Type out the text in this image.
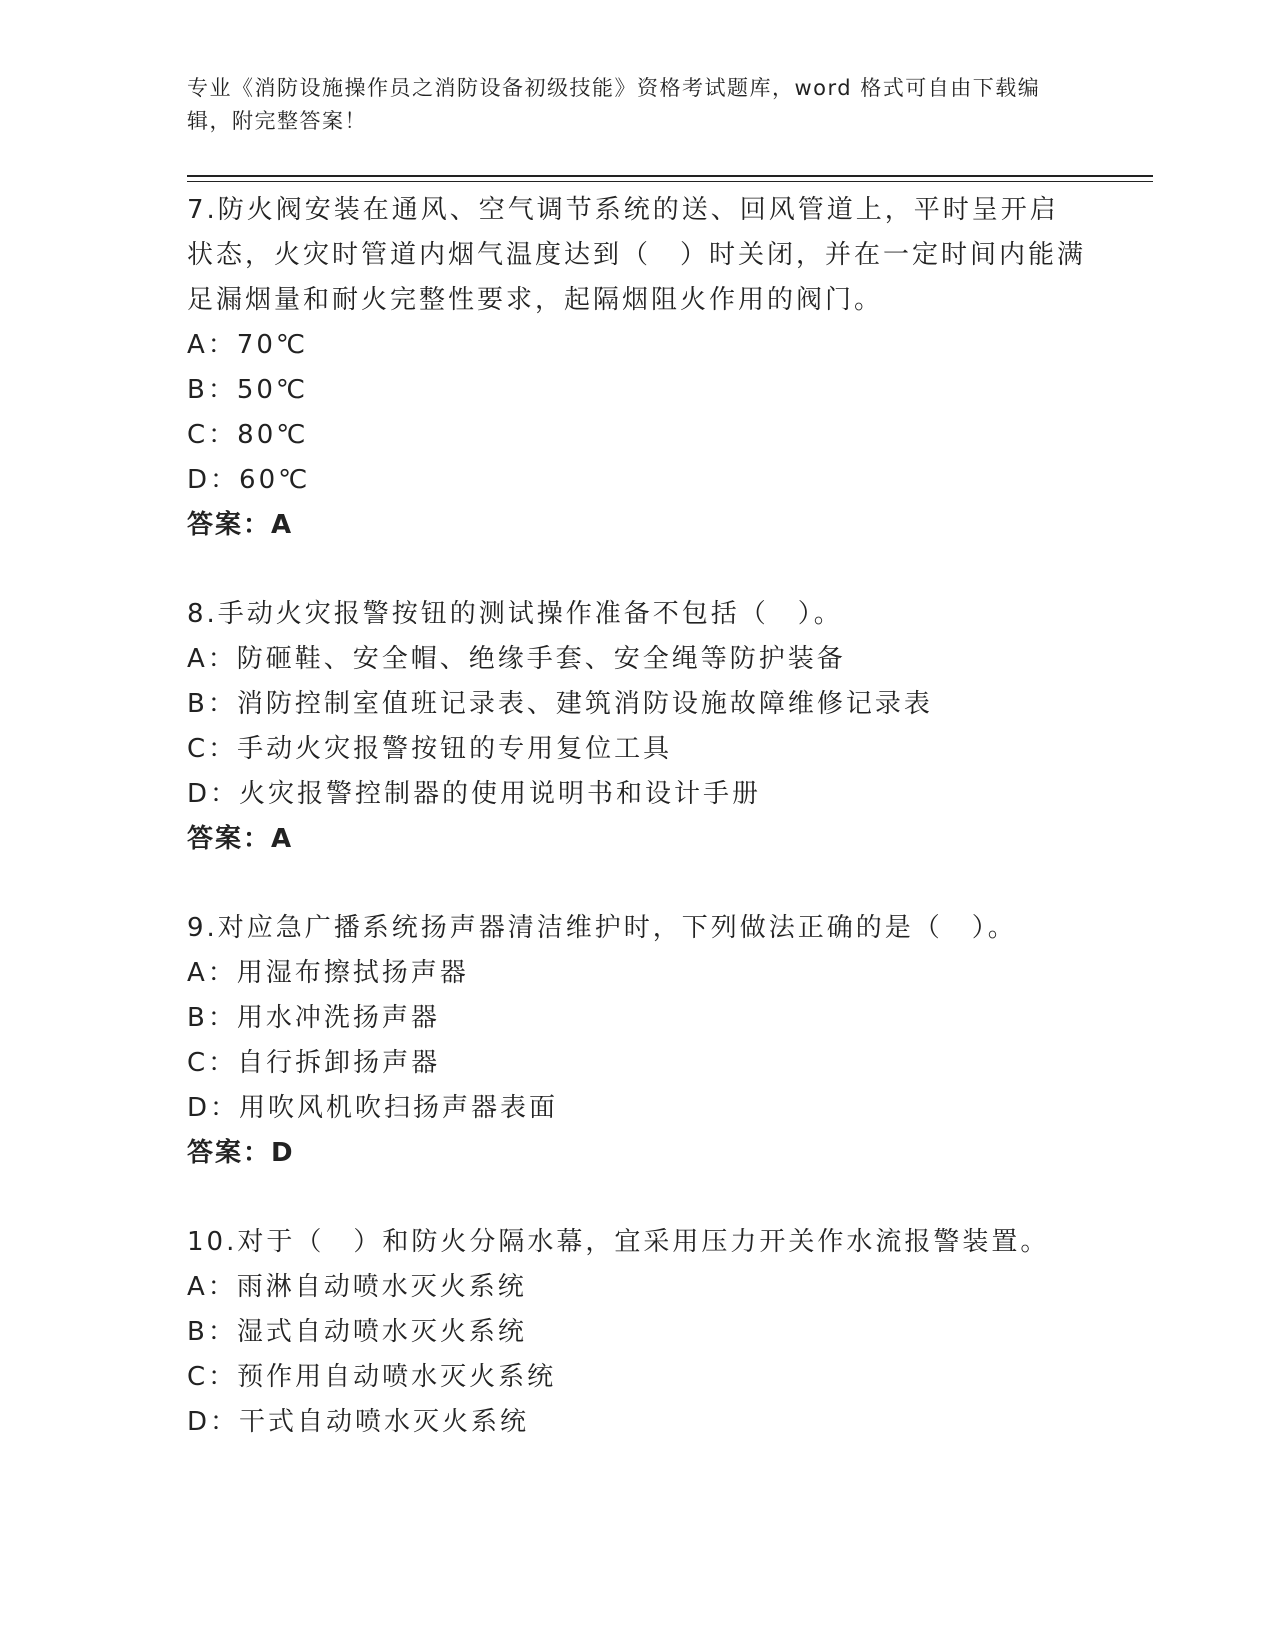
专业《消防设施操作员之消防设备初级技能》资格考试题库，word 格式可自由下载编辑，附完整答案！

7.防火阀安装在通风、空气调节系统的送、回风管道上，平时呈开启状态，火灾时管道内烟气温度达到（　）时关闭，并在一定时间内能满足漏烟量和耐火完整性要求，起隔烟阻火作用的阀门。

A：70℃

B：50℃

C：80℃

D：60℃

答案：A

8.手动火灾报警按钮的测试操作准备不包括（　）。

A：防砸鞋、安全帽、绝缘手套、安全绳等防护装备

B：消防控制室值班记录表、建筑消防设施故障维修记录表

C：手动火灾报警按钮的专用复位工具

D：火灾报警控制器的使用说明书和设计手册

答案：A

9.对应急广播系统扬声器清洁维护时，下列做法正确的是（　）。

A：用湿布擦拭扬声器

B：用水冲洗扬声器

C：自行拆卸扬声器

D：用吹风机吹扫扬声器表面

答案：D

10.对于（　）和防火分隔水幕，宜采用压力开关作水流报警装置。

A：雨淋自动喷水灭火系统

B：湿式自动喷水灭火系统

C：预作用自动喷水灭火系统

D：干式自动喷水灭火系统
